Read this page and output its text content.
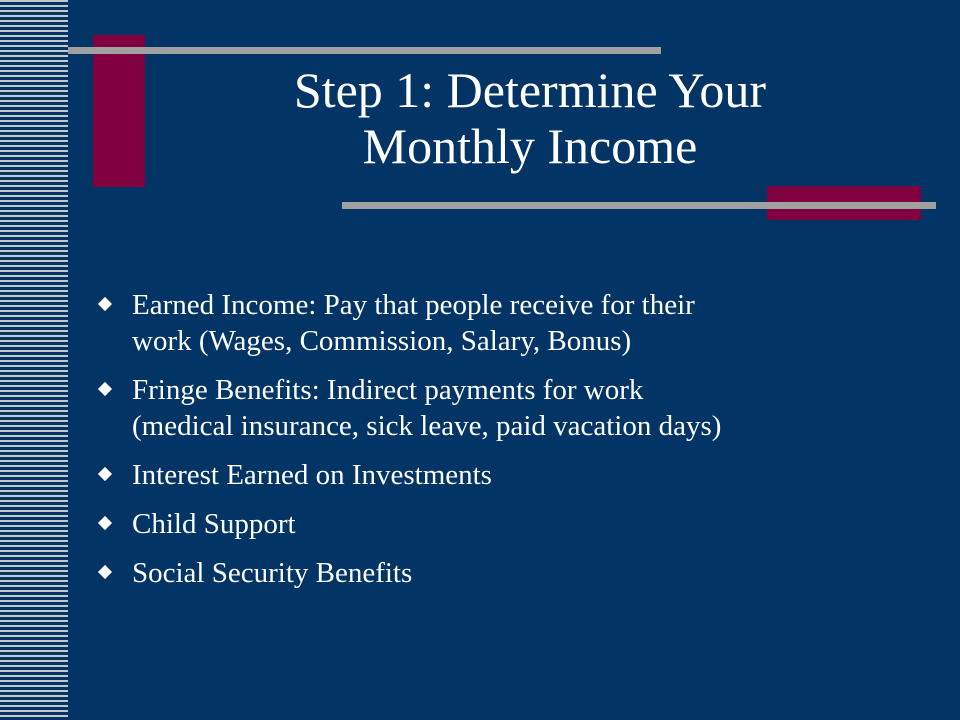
Step 1: Determine Your
Monthly Income
Earned Income: Pay that people receive for their
work (Wages, Commission, Salary, Bonus)
Fringe Benefits: Indirect payments for work
(medical insurance, sick leave, paid vacation days)
Interest Earned on Investments
Child Support
Social Security Benefits
